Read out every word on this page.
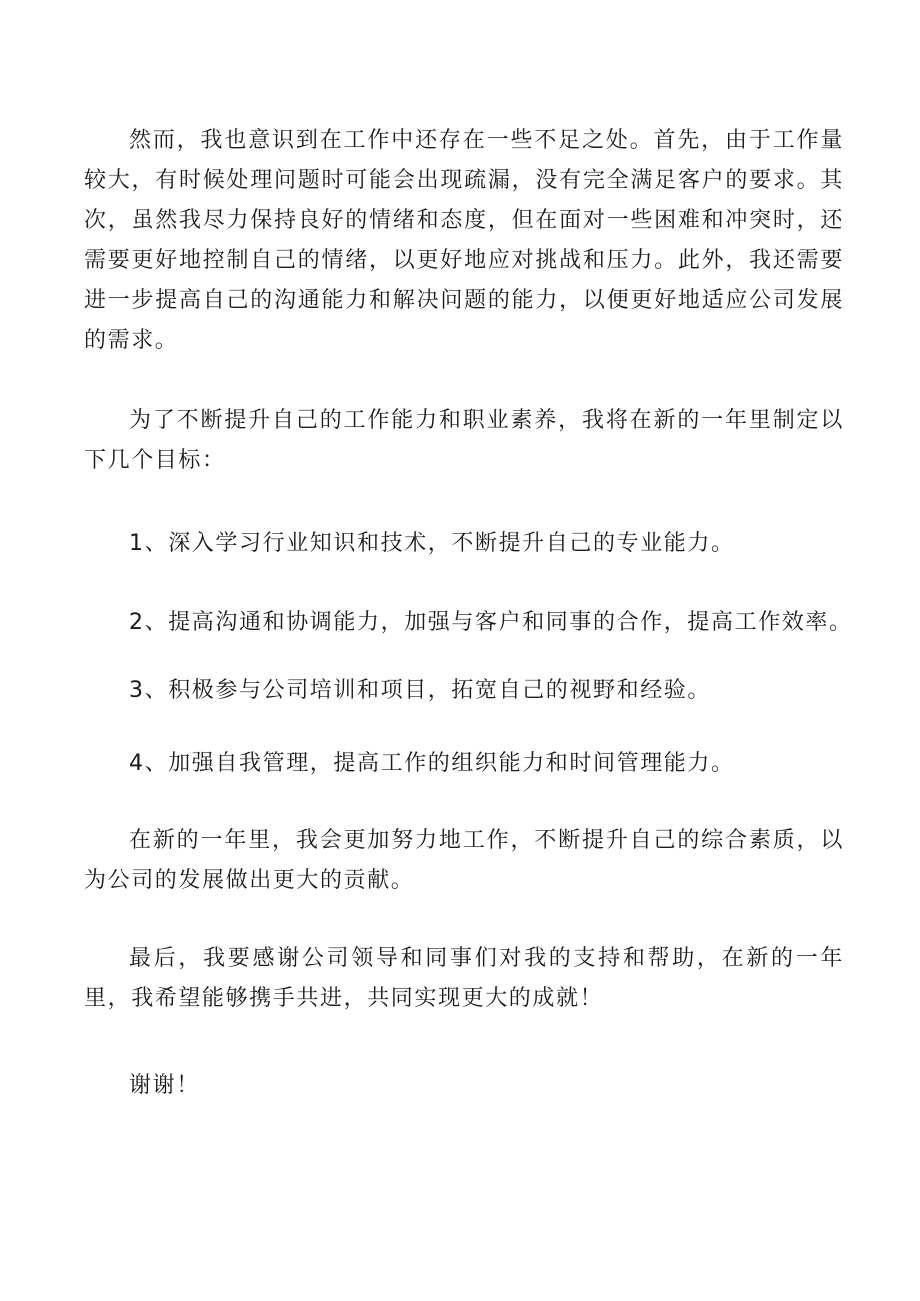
然而，我也意识到在工作中还存在一些不足之处。首先，由于工作量较大，有时候处理问题时可能会出现疏漏，没有完全满足客户的要求。其次，虽然我尽力保持良好的情绪和态度，但在面对一些困难和冲突时，还需要更好地控制自己的情绪，以更好地应对挑战和压力。此外，我还需要进一步提高自己的沟通能力和解决问题的能力，以便更好地适应公司发展的需求。

为了不断提升自己的工作能力和职业素养，我将在新的一年里制定以下几个目标：

1、深入学习行业知识和技术，不断提升自己的专业能力。

2、提高沟通和协调能力，加强与客户和同事的合作，提高工作效率。

3、积极参与公司培训和项目，拓宽自己的视野和经验。

4、加强自我管理，提高工作的组织能力和时间管理能力。

在新的一年里，我会更加努力地工作，不断提升自己的综合素质，以为公司的发展做出更大的贡献。

最后，我要感谢公司领导和同事们对我的支持和帮助，在新的一年里，我希望能够携手共进，共同实现更大的成就！

谢谢！
